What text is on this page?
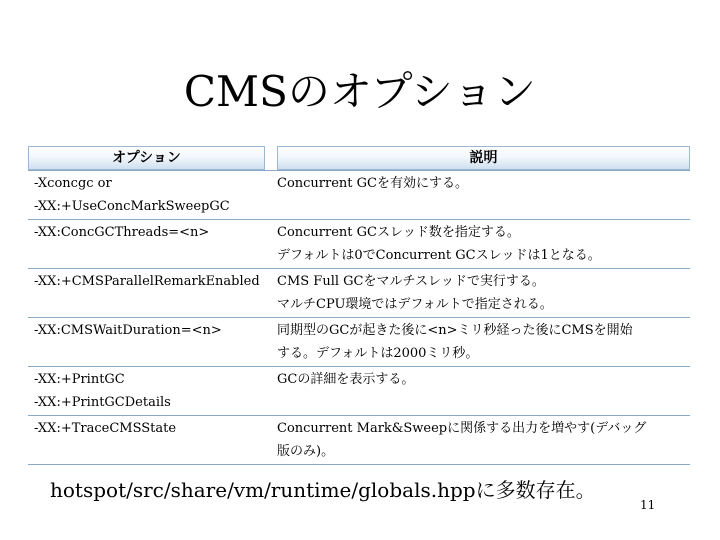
CMSのオプション
オプション	説明

-Xconcgc or
-XX:+UseConcMarkSweepGC	Concurrent GCを有効にする。

-XX:ConcGCThreads=<n>	Concurrent GCスレッド数を指定する。
デフォルトは0でConcurrent GCスレッドは1となる。

-XX:+CMSParallelRemarkEnabled	CMS Full GCをマルチスレッドで実行する。
マルチCPU環境ではデフォルトで指定される。

-XX:CMSWaitDuration=<n>	同期型のGCが起きた後に<n>ミリ秒経った後にCMSを開始
する。デフォルトは2000ミリ秒。

-XX:+PrintGC
-XX:+PrintGCDetails	GCの詳細を表示する。

-XX:+TraceCMSState	Concurrent Mark&Sweepに関係する出力を増やす(デバッグ
版のみ)。
hotspot/src/share/vm/runtime/globals.hppに多数存在。
11
